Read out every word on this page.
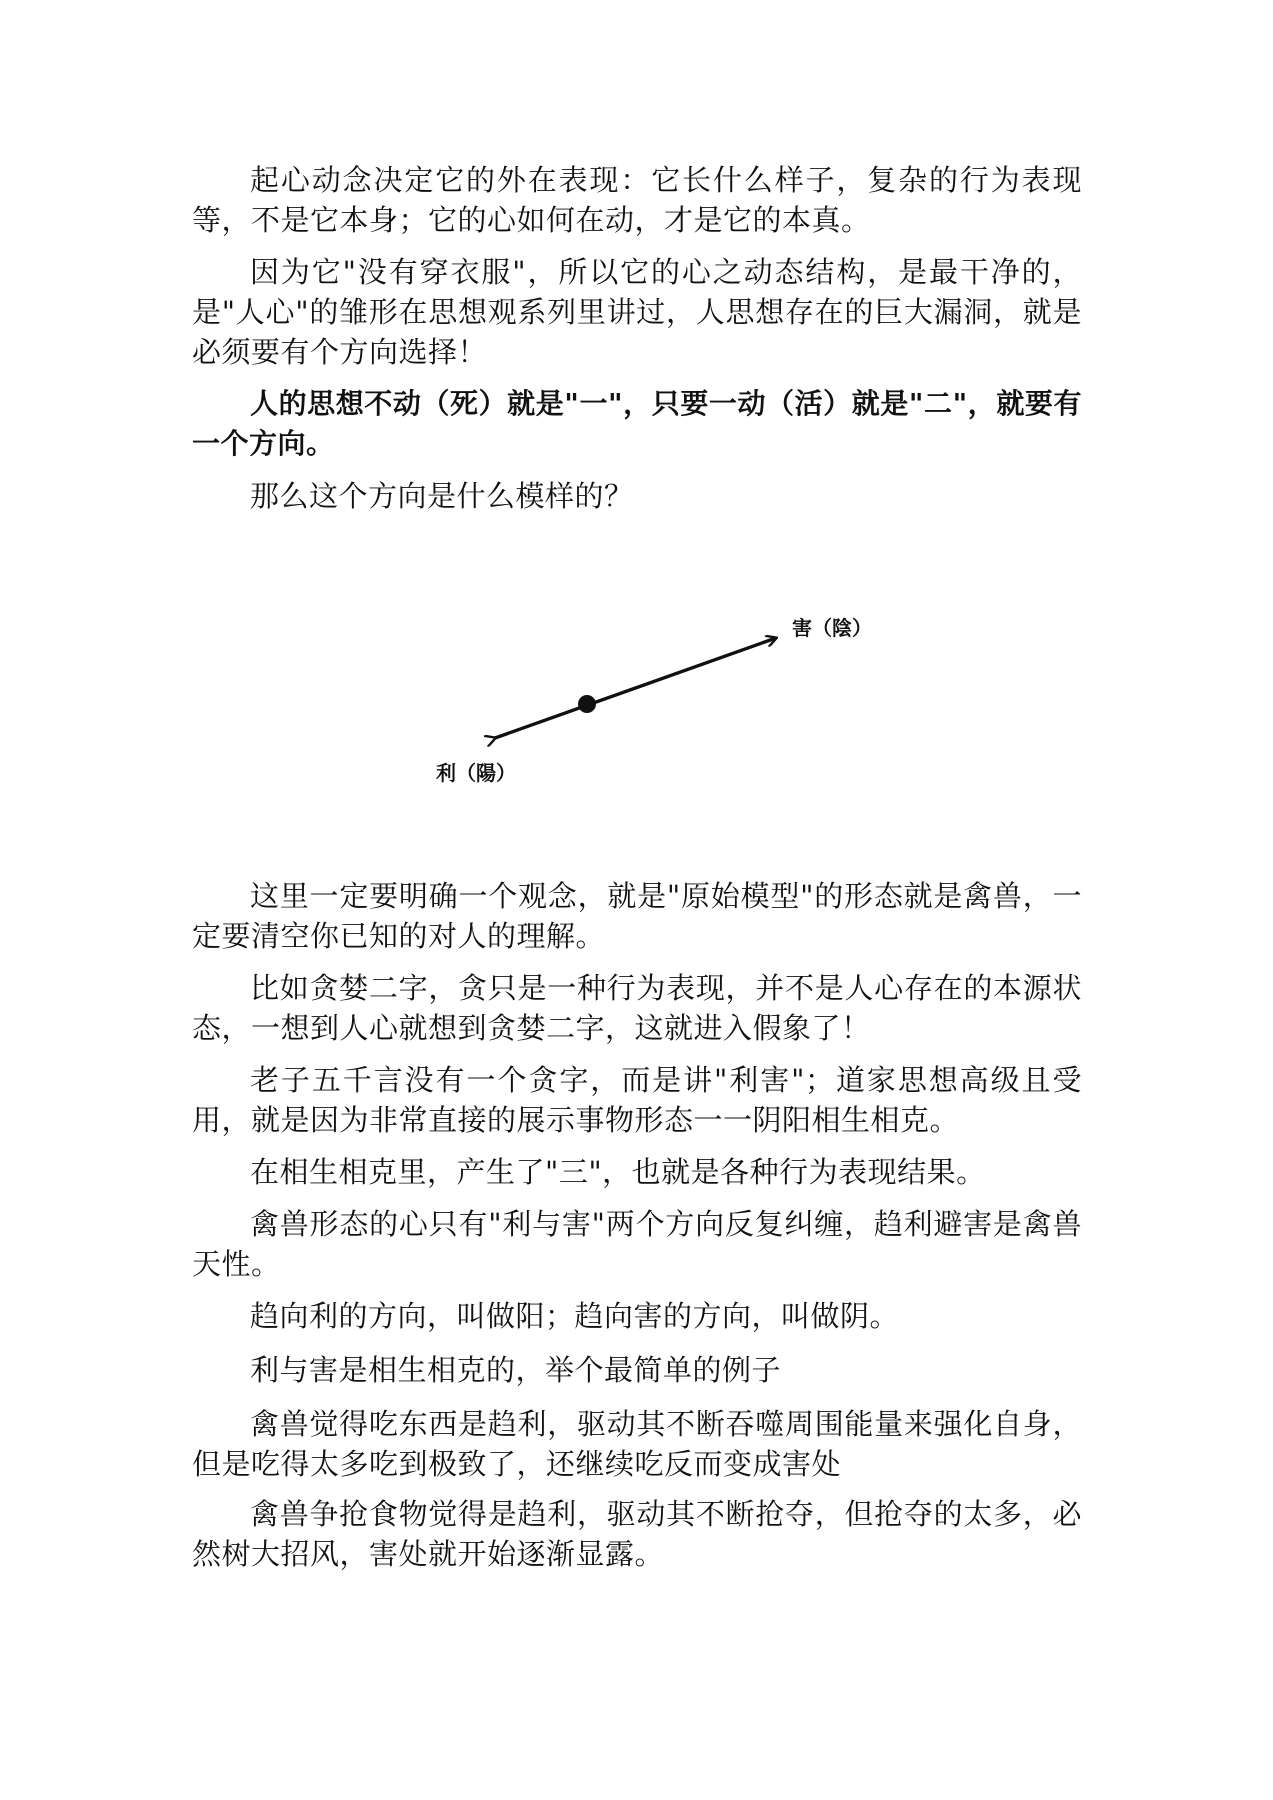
起心动念决定它的外在表现：它长什么样子，复杂的行为表现等，不是它本身；它的心如何在动，才是它的本真。

因为它"没有穿衣服"，所以它的心之动态结构，是最干净的，是"人心"的雏形在思想观系列里讲过，人思想存在的巨大漏洞，就是必须要有个方向选择！

人的思想不动（死）就是"一"，只要一动（活）就是"二"，就要有一个方向。

那么这个方向是什么模样的？

害（陰）
利（陽）

这里一定要明确一个观念，就是"原始模型"的形态就是禽兽，一定要清空你已知的对人的理解。

比如贪婪二字，贪只是一种行为表现，并不是人心存在的本源状态，一想到人心就想到贪婪二字，这就进入假象了！

老子五千言没有一个贪字，而是讲"利害"；道家思想高级且受用，就是因为非常直接的展示事物形态一一阴阳相生相克。

在相生相克里，产生了"三"，也就是各种行为表现结果。

禽兽形态的心只有"利与害"两个方向反复纠缠，趋利避害是禽兽天性。

趋向利的方向，叫做阳；趋向害的方向，叫做阴。

利与害是相生相克的，举个最简单的例子

禽兽觉得吃东西是趋利，驱动其不断吞噬周围能量来强化自身，但是吃得太多吃到极致了，还继续吃反而变成害处

禽兽争抢食物觉得是趋利，驱动其不断抢夺，但抢夺的太多，必然树大招风，害处就开始逐渐显露。
